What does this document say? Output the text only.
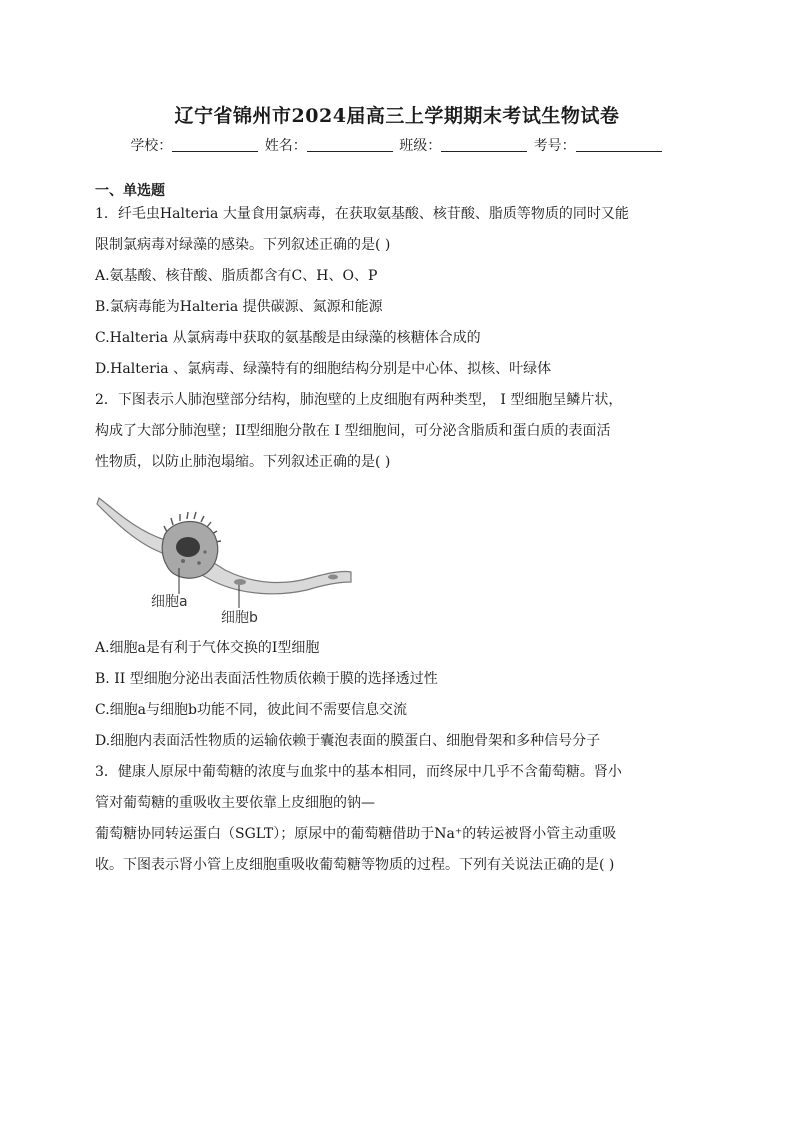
辽宁省锦州市2024届高三上学期期末考试生物试卷
学校：	姓名：	班级：	考号：
一、单选题
1．纤毛虫Halteria 大量食用氯病毒，在获取氨基酸、核苷酸、脂质等物质的同时又能
限制氯病毒对绿藻的感染。下列叙述正确的是( )
A.氨基酸、核苷酸、脂质都含有C、H、O、P
B.氯病毒能为Halteria 提供碳源、氮源和能源
C.Halteria 从氯病毒中获取的氨基酸是由绿藻的核糖体合成的
D.Halteria 、氯病毒、绿藻特有的细胞结构分别是中心体、拟核、叶绿体
2．下图表示人肺泡壁部分结构，肺泡壁的上皮细胞有两种类型， I 型细胞呈鳞片状，
构成了大部分肺泡壁；II型细胞分散在 I 型细胞间，可分泌含脂质和蛋白质的表面活
性物质，以防止肺泡塌缩。下列叙述正确的是( )
细胞a
细胞b
A.细胞a是有利于气体交换的I型细胞
B. II 型细胞分泌出表面活性物质依赖于膜的选择透过性
C.细胞a与细胞b功能不同，彼此间不需要信息交流
D.细胞内表面活性物质的运输依赖于囊泡表面的膜蛋白、细胞骨架和多种信号分子
3．健康人原尿中葡萄糖的浓度与血浆中的基本相同，而终尿中几乎不含葡萄糖。肾小
管对葡萄糖的重吸收主要依靠上皮细胞的钠—
葡萄糖协同转运蛋白（SGLT）；原尿中的葡萄糖借助于Na⁺的转运被肾小管主动重吸
收。下图表示肾小管上皮细胞重吸收葡萄糖等物质的过程。下列有关说法正确的是( )
